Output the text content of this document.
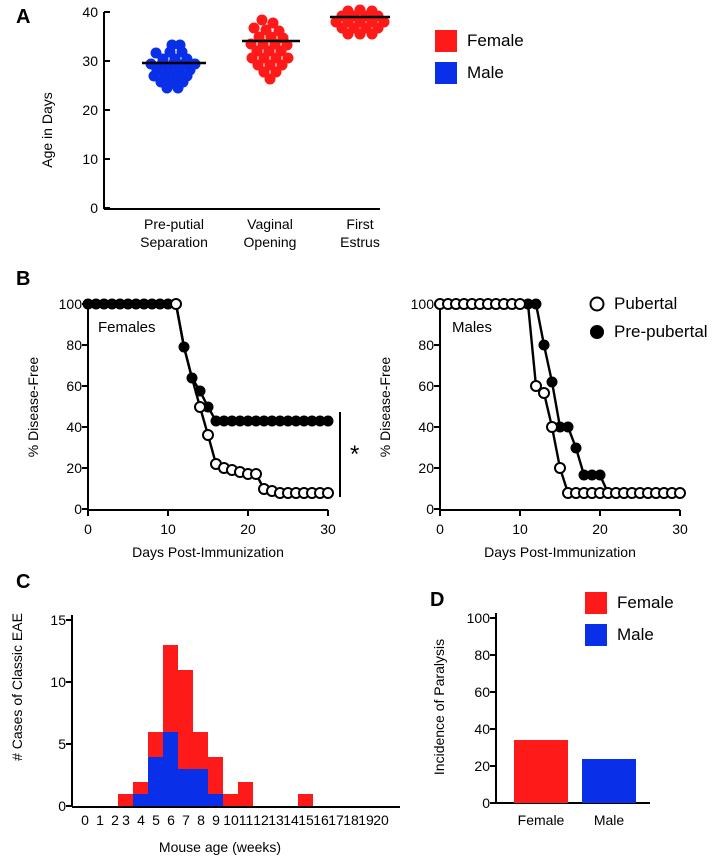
A
Age in Days
40
30
20
10
0
Pre-putial
Separation
Vaginal
Opening
First
Estrus
Female
Male
B
% Disease-Free
100
80
60
40
20
0
0	10	20	30
Days Post-Immunization
Females
* % Disease-Free
100
80
60
40
20
0
0	10	20	30
Days Post-Immunization
Males
Pubertal
Pre-pubertal
C
D
# Cases of Classic EAE 15
10
5
0
0 1 2 3 4 5 6 7 8 9 10 11 12 13 14 15 16 17 18 19 20
Mouse age (weeks)
Incidence of Paralysis
100
80
60
40
20
0
Female Male
Female
Male
